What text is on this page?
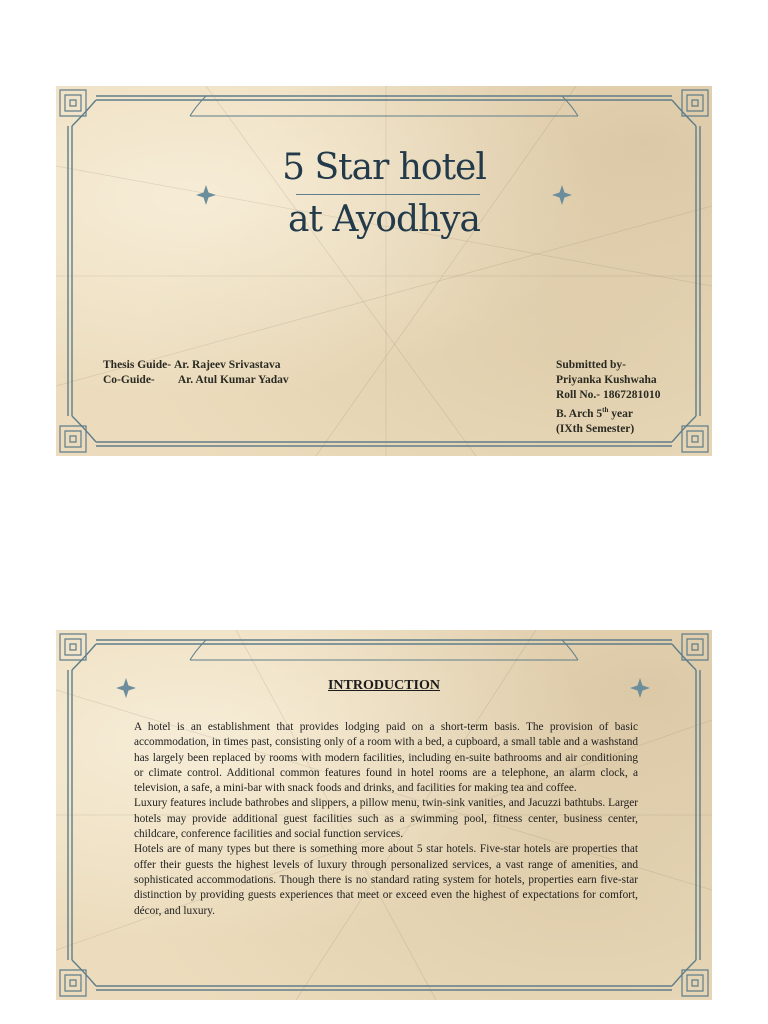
5 Star hotel
at Ayodhya
Thesis Guide- Ar. Rajeev Srivastava
Co-Guide- Ar. Atul Kumar Yadav
Submitted by-
Priyanka Kushwaha
Roll No.- 1867281010
B. Arch 5th year
(IXth Semester)
INTRODUCTION

A hotel is an establishment that provides lodging paid on a short-term basis. The provision of basic accommodation, in times past, consisting only of a room with a bed, a cupboard, a small table and a washstand has largely been replaced by rooms with modern facilities, including en-suite bathrooms and air conditioning or climate control. Additional common features found in hotel rooms are a telephone, an alarm clock, a television, a safe, a mini-bar with snack foods and drinks, and facilities for making tea and coffee.

Luxury features include bathrobes and slippers, a pillow menu, twin-sink vanities, and Jacuzzi bathtubs. Larger hotels may provide additional guest facilities such as a swimming pool, fitness center, business center, childcare, conference facilities and social function services.

Hotels are of many types but there is something more about 5 star hotels. Five-star hotels are properties that offer their guests the highest levels of luxury through personalized services, a vast range of amenities, and sophisticated accommodations. Though there is no standard rating system for hotels, properties earn five-star distinction by providing guests experiences that meet or exceed even the highest of expectations for comfort, décor, and luxury.
